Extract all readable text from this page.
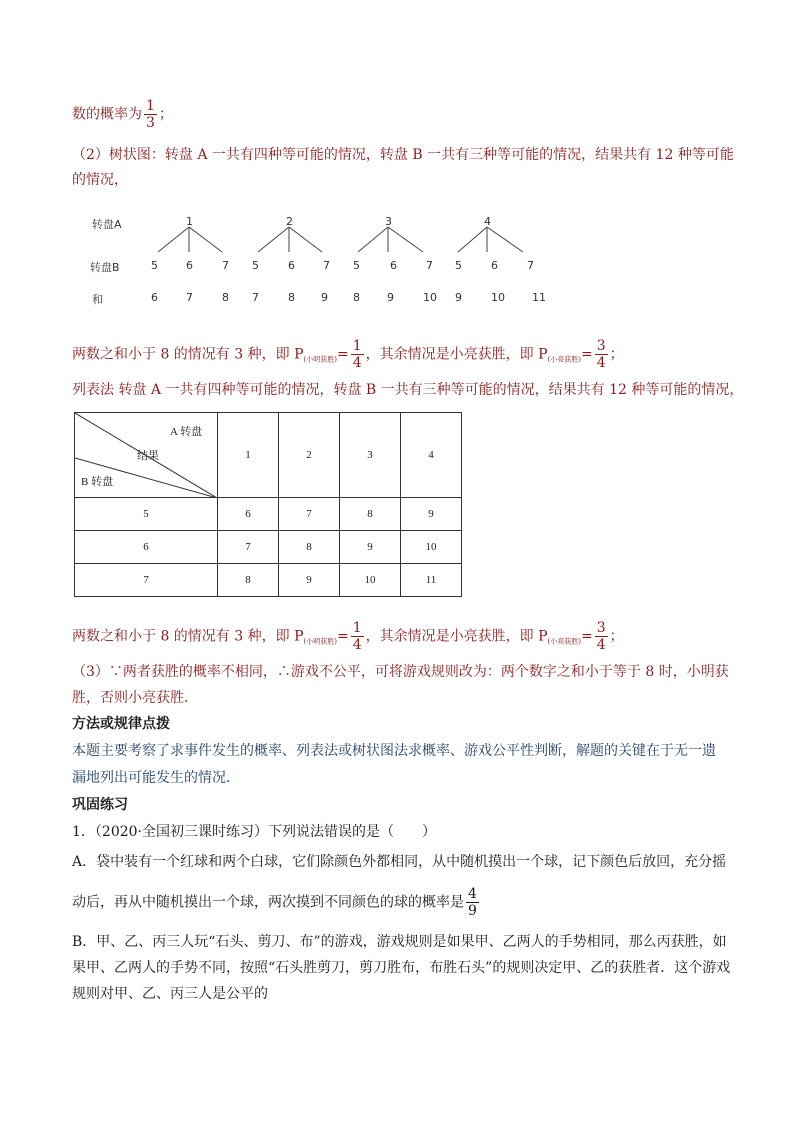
数的概率为 $\frac{1}{3}$ ；
（2）树状图：转盘 A 一共有四种等可能的情况，转盘 B 一共有三种等可能的情况，结果共有 12 种等可能
的情况，
转盘A
转盘B
和
1	2	3	4
5	6	7 5	6	7 5	6	7 5	6	7
6	7	8 7	8 9 8 9	10 9	10 11
两数之和小于 8 的情况有 3 种，即 $P_{(小明获胜)}= \frac{1}{4}$ ，其余情况是小亮获胜，即 $P_{(小亮获胜)}= \frac{3}{4}$ ；
列表法 转盘 A 一共有四种等可能的情况，转盘 B 一共有三种等可能的情况，结果共有 12 种等可能的情况，
A 转盘
结果
B 转盘	1	2	3	4
5	6	7	8	9
6	7	8	9	10
7	8	9	10	11
两数之和小于 8 的情况有 3 种，即 $P_{(小明获胜)}= \frac{1}{4}$ ，其余情况是小亮获胜，即 $P_{(小亮获胜)}= \frac{3}{4}$ ；
（3）∵两者获胜的概率不相同，∴游戏不公平，可将游戏规则改为：两个数字之和小于等于 8 时，小明获
胜，否则小亮获胜．
方法或规律点拨
本题主要考察了求事件发生的概率、列表法或树状图法求概率、游戏公平性判断，解题的关键在于无一遗
漏地列出可能发生的情况．
巩固练习
1．（2020·全国初三课时练习）下列说法错误的是（　　）
A．袋中装有一个红球和两个白球，它们除颜色外都相同，从中随机摸出一个球，记下颜色后放回，充分摇
动后，再从中随机摸出一个球，两次摸到不同颜色的球的概率是 $\frac{4}{9}$
B．甲、乙、丙三人玩“石头、剪刀、布”的游戏，游戏规则是如果甲、乙两人的手势相同，那么丙获胜，如
果甲、乙两人的手势不同，按照“石头胜剪刀，剪刀胜布，布胜石头”的规则决定甲、乙的获胜者．这个游戏
规则对甲、乙、丙三人是公平的
